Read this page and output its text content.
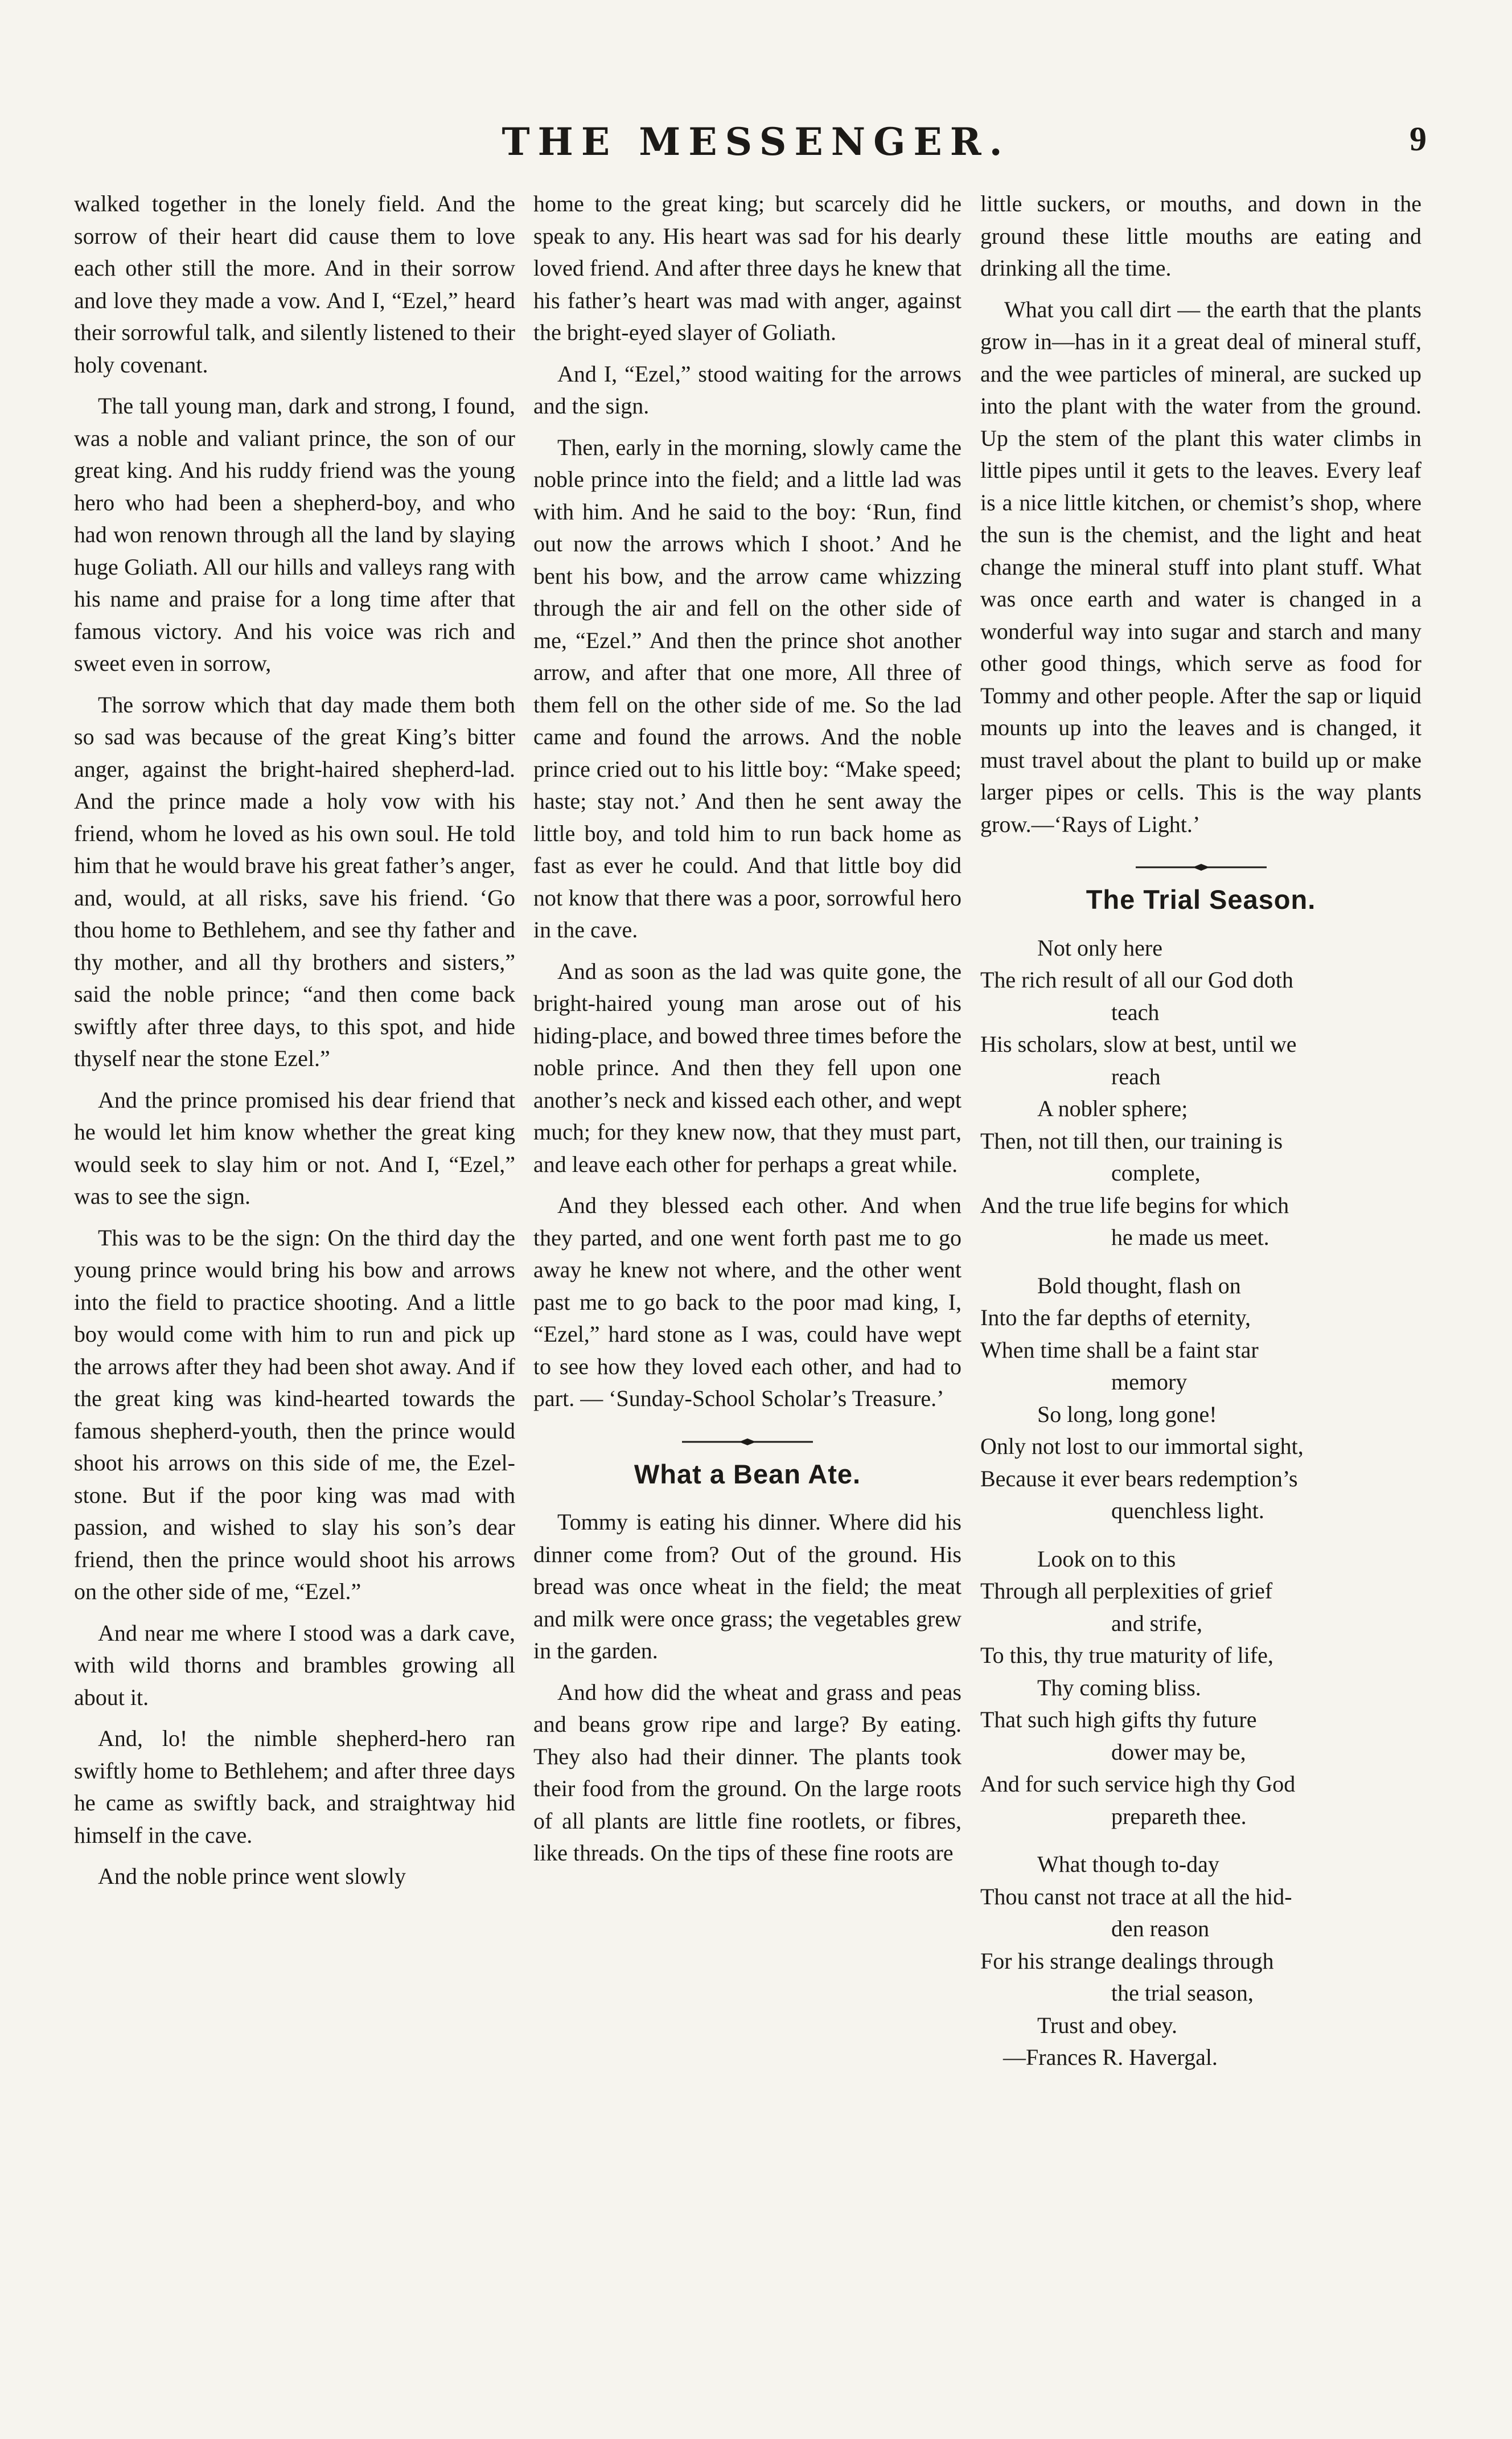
THE MESSENGER.	9

walked together in the lonely field. And the sorrow of their heart did cause them to love each other still the more. And in their sorrow and love they made a vow. And I, “Ezel,” heard their sorrowful talk, and silently listened to their holy covenant.

The tall young man, dark and strong, I found, was a noble and valiant prince, the son of our great king. And his ruddy friend was the young hero who had been a shepherd-boy, and who had won renown through all the land by slaying huge Goliath. All our hills and valleys rang with his name and praise for a long time after that famous victory. And his voice was rich and sweet even in sorrow,

The sorrow which that day made them both so sad was because of the great King’s bitter anger, against the bright-haired shepherd-lad. And the prince made a holy vow with his friend, whom he loved as his own soul. He told him that he would brave his great father’s anger, and, would, at all risks, save his friend. ‘Go thou home to Bethlehem, and see thy father and thy mother, and all thy brothers and sisters,” said the noble prince; “and then come back swiftly after three days, to this spot, and hide thyself near the stone Ezel.”

And the prince promised his dear friend that he would let him know whether the great king would seek to slay him or not. And I, “Ezel,” was to see the sign.

This was to be the sign: On the third day the young prince would bring his bow and arrows into the field to practice shooting. And a little boy would come with him to run and pick up the arrows after they had been shot away. And if the great king was kind-hearted towards the famous shepherd-youth, then the prince would shoot his arrows on this side of me, the Ezel-stone. But if the poor king was mad with passion, and wished to slay his son’s dear friend, then the prince would shoot his arrows on the other side of me, “Ezel.”

And near me where I stood was a dark cave, with wild thorns and brambles growing all about it.

And, lo! the nimble shepherd-hero ran swiftly home to Bethlehem; and after three days he came as swiftly back, and straightway hid himself in the cave.

And the noble prince went slowly

home to the great king; but scarcely did he speak to any. His heart was sad for his dearly loved friend. And after three days he knew that his father’s heart was mad with anger, against the bright-eyed slayer of Goliath.

And I, “Ezel,” stood waiting for the arrows and the sign.

Then, early in the morning, slowly came the noble prince into the field; and a little lad was with him. And he said to the boy: ‘Run, find out now the arrows which I shoot.’ And he bent his bow, and the arrow came whizzing through the air and fell on the other side of me, “Ezel.” And then the prince shot another arrow, and after that one more, All three of them fell on the other side of me. So the lad came and found the arrows. And the noble prince cried out to his little boy: “Make speed; haste; stay not.’ And then he sent away the little boy, and told him to run back home as fast as ever he could. And that little boy did not know that there was a poor, sorrowful hero in the cave.

And as soon as the lad was quite gone, the bright-haired young man arose out of his hiding-place, and bowed three times before the noble prince. And then they fell upon one another’s neck and kissed each other, and wept much; for they knew now, that they must part, and leave each other for perhaps a great while.

And they blessed each other. And when they parted, and one went forth past me to go away he knew not where, and the other went past me to go back to the poor mad king, I, “Ezel,” hard stone as I was, could have wept to see how they loved each other, and had to part. — ‘Sunday-School Scholar’s Treasure.’

What a Bean Ate.

Tommy is eating his dinner. Where did his dinner come from? Out of the ground. His bread was once wheat in the field; the meat and milk were once grass; the vegetables grew in the garden.

And how did the wheat and grass and peas and beans grow ripe and large? By eating. They also had their dinner. The plants took their food from the ground. On the large roots of all plants are little fine rootlets, or fibres, like threads. On the tips of these fine roots are

little suckers, or mouths, and down in the ground these little mouths are eating and drinking all the time.

What you call dirt — the earth that the plants grow in—has in it a great deal of mineral stuff, and the wee particles of mineral, are sucked up into the plant with the water from the ground. Up the stem of the plant this water climbs in little pipes until it gets to the leaves. Every leaf is a nice little kitchen, or chemist’s shop, where the sun is the chemist, and the light and heat change the mineral stuff into plant stuff. What was once earth and water is changed in a wonderful way into sugar and starch and many other good things, which serve as food for Tommy and other people. After the sap or liquid mounts up into the leaves and is changed, it must travel about the plant to build up or make larger pipes or cells. This is the way plants grow.—‘Rays of Light.’

The Trial Season.
Not only here
The rich result of all our God doth
teach
His scholars, slow at best, until we
reach
A nobler sphere;
Then, not till then, our training is
complete,
And the true life begins for which
he made us meet.
Bold thought, flash on
Into the far depths of eternity,
When time shall be a faint star
memory
So long, long gone!
Only not lost to our immortal sight,
Because it ever bears redemption’s
quenchless light.
Look on to this
Through all perplexities of grief
and strife,
To this, thy true maturity of life,
Thy coming bliss.
That such high gifts thy future
dower may be,
And for such service high thy God
prepareth thee.
What though to-day
Thou canst not trace at all the hid-
den reason
For his strange dealings through
the trial season,
Trust and obey.
—Frances R. Havergal.
